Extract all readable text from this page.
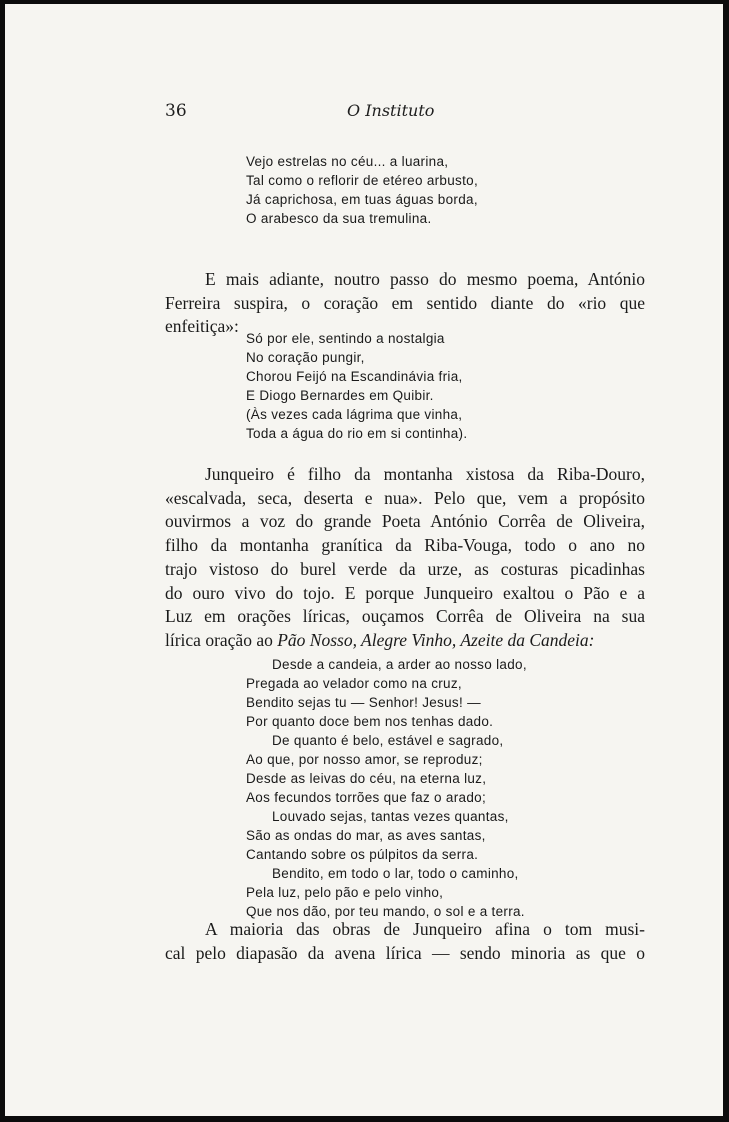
36	O Instituto
Vejo estrelas no céu... a luarina,
Tal como o reflorir de etéreo arbusto,
Já caprichosa, em tuas águas borda,
O arabesco da sua tremulina.
E mais adiante, noutro passo do mesmo poema, António
Ferreira suspira, o coração em sentido diante do «rio que
enfeitiça»:
Só por ele, sentindo a nostalgia
No coração pungir,
Chorou Feijó na Escandinávia fria,
E Diogo Bernardes em Quibir.
(Às vezes cada lágrima que vinha,
Toda a água do rio em si continha).
Junqueiro é filho da montanha xistosa da Riba-Douro,
«escalvada, seca, deserta e nua». Pelo que, vem a propósito
ouvirmos a voz do grande Poeta António Corrêa de Oliveira,
filho da montanha granítica da Riba-Vouga, todo o ano no
trajo vistoso do burel verde da urze, as costuras picadinhas
do ouro vivo do tojo. E porque Junqueiro exaltou o Pão e a
Luz em orações líricas, ouçamos Corrêa de Oliveira na sua
lírica oração ao Pão Nosso, Alegre Vinho, Azeite da Candeia:
Desde a candeia, a arder ao nosso lado,
Pregada ao velador como na cruz,
Bendito sejas tu — Senhor! Jesus! —
Por quanto doce bem nos tenhas dado.
De quanto é belo, estável e sagrado,
Ao que, por nosso amor, se reproduz;
Desde as leivas do céu, na eterna luz,
Aos fecundos torrões que faz o arado;
Louvado sejas, tantas vezes quantas,
São as ondas do mar, as aves santas,
Cantando sobre os púlpitos da serra.
Bendito, em todo o lar, todo o caminho,
Pela luz, pelo pão e pelo vinho,
Que nos dão, por teu mando, o sol e a terra.
A maioria das obras de Junqueiro afina o tom musi-
cal pelo diapasão da avena lírica — sendo minoria as que o
